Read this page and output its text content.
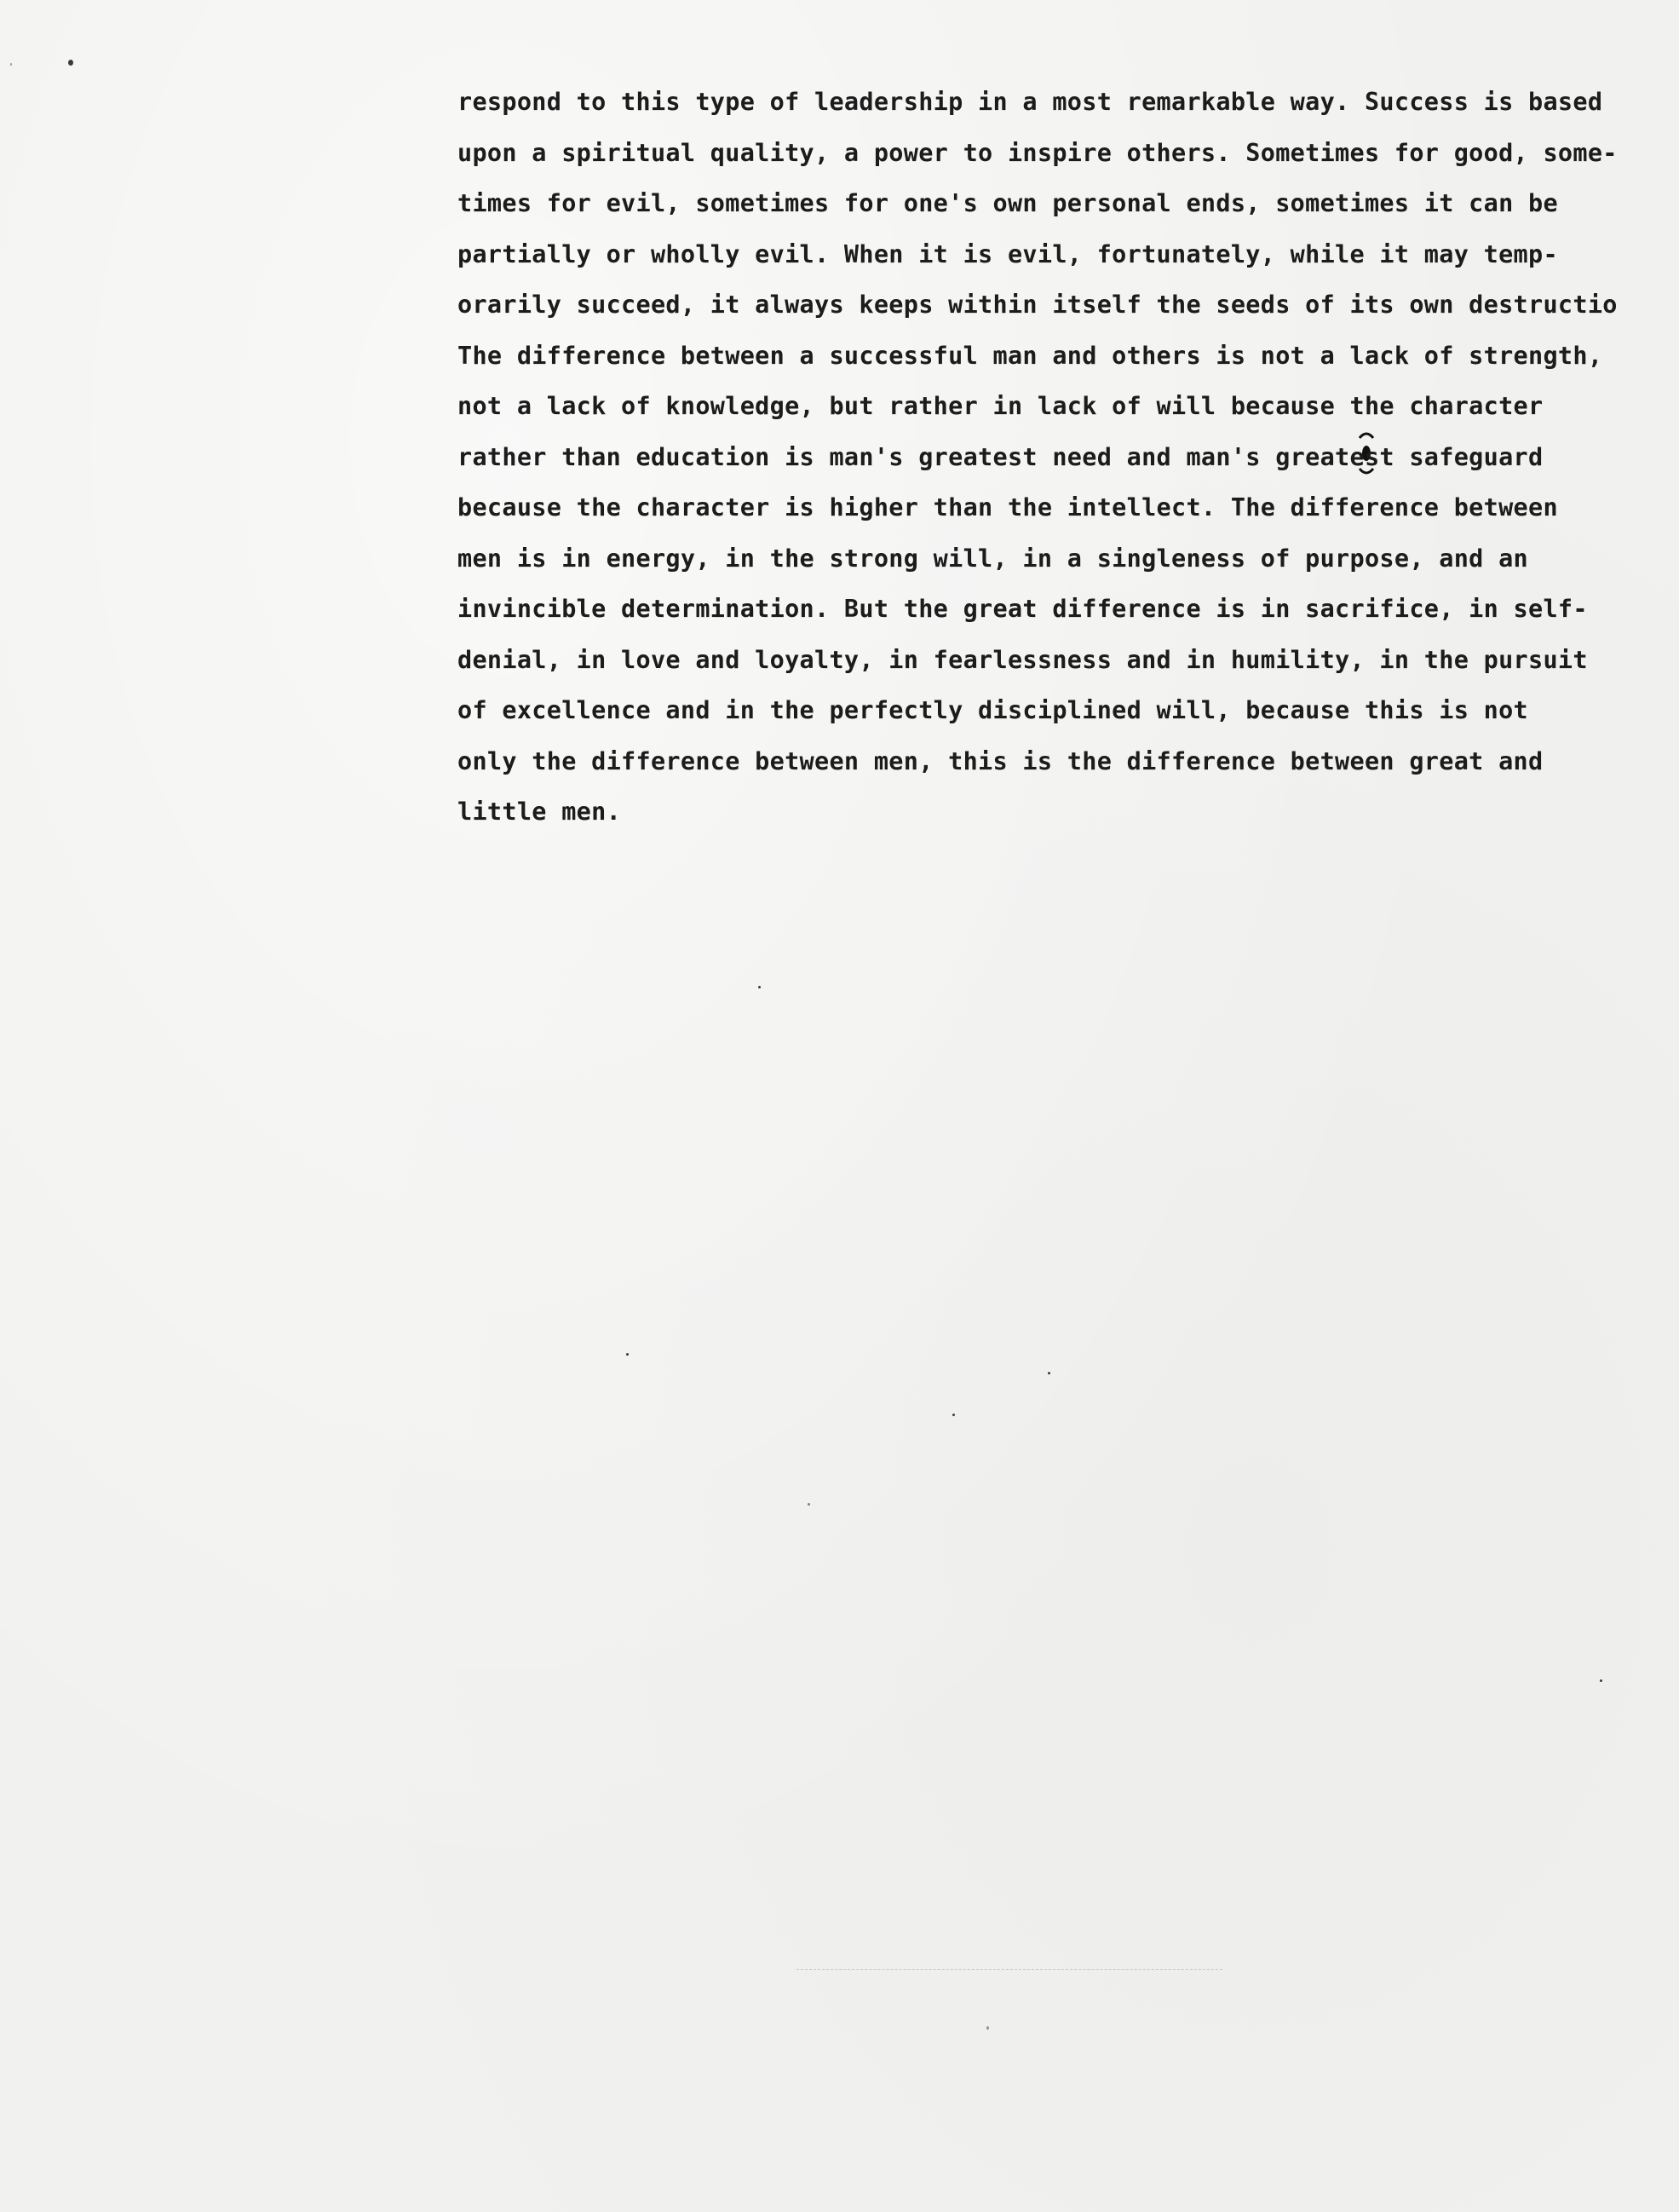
respond to this type of leadership in a most remarkable way. Success is based
upon a spiritual quality, a power to inspire others. Sometimes for good, some-
times for evil, sometimes for one's own personal ends, sometimes it can be
partially or wholly evil. When it is evil, fortunately, while it may temp-
orarily succeed, it always keeps within itself the seeds of its own destructio
The difference between a successful man and others is not a lack of strength,
not a lack of knowledge, but rather in lack of will because the character
rather than education is man's greatest need and man's greatest safeguard
because the character is higher than the intellect. The difference between
men is in energy, in the strong will, in a singleness of purpose, and an
invincible determination. But the great difference is in sacrifice, in self-
denial, in love and loyalty, in fearlessness and in humility, in the pursuit
of excellence and in the perfectly disciplined will, because this is not
only the difference between men, this is the difference between great and
little men.
